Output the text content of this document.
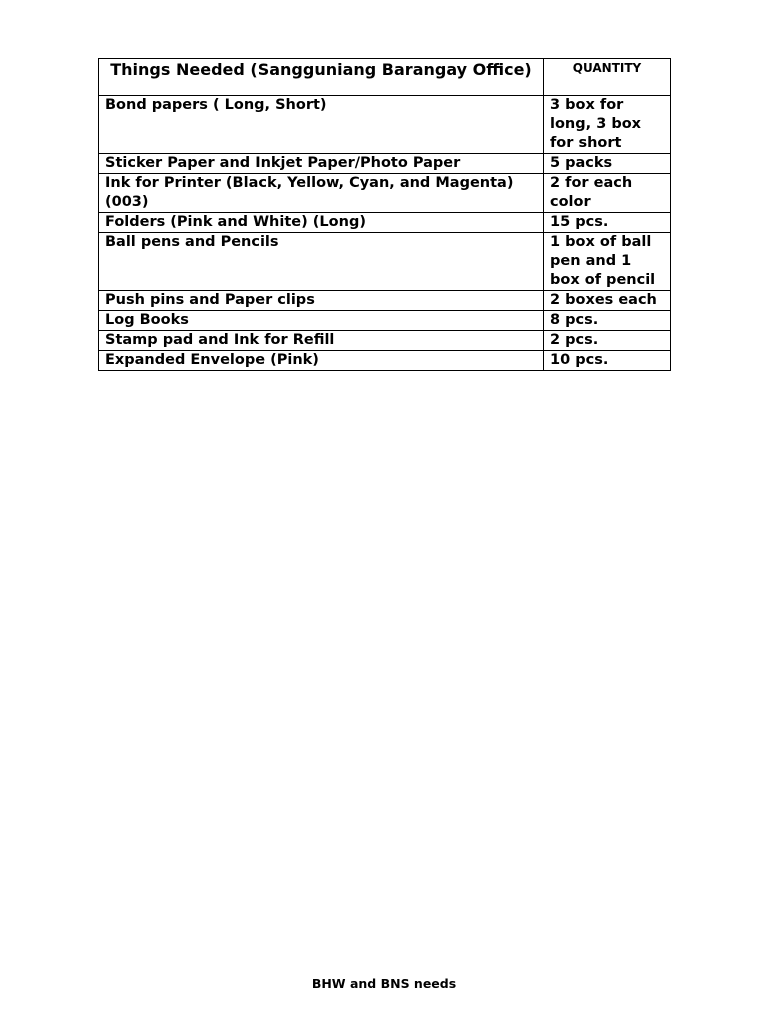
Things Needed (Sangguniang Barangay Office)	QUANTITY
Bond papers ( Long, Short)	3 box for long, 3 box for short
Sticker Paper and Inkjet Paper/Photo Paper	5 packs
Ink for Printer (Black, Yellow, Cyan, and Magenta) (003)	2 for each color
Folders (Pink and White) (Long)	15 pcs.
Ball pens and Pencils	1 box of ball pen and 1 box of pencil
Push pins and Paper clips	2 boxes each
Log Books	8 pcs.
Stamp pad and Ink for Refill	2 pcs.
Expanded Envelope (Pink)	10 pcs.
BHW and BNS needs
